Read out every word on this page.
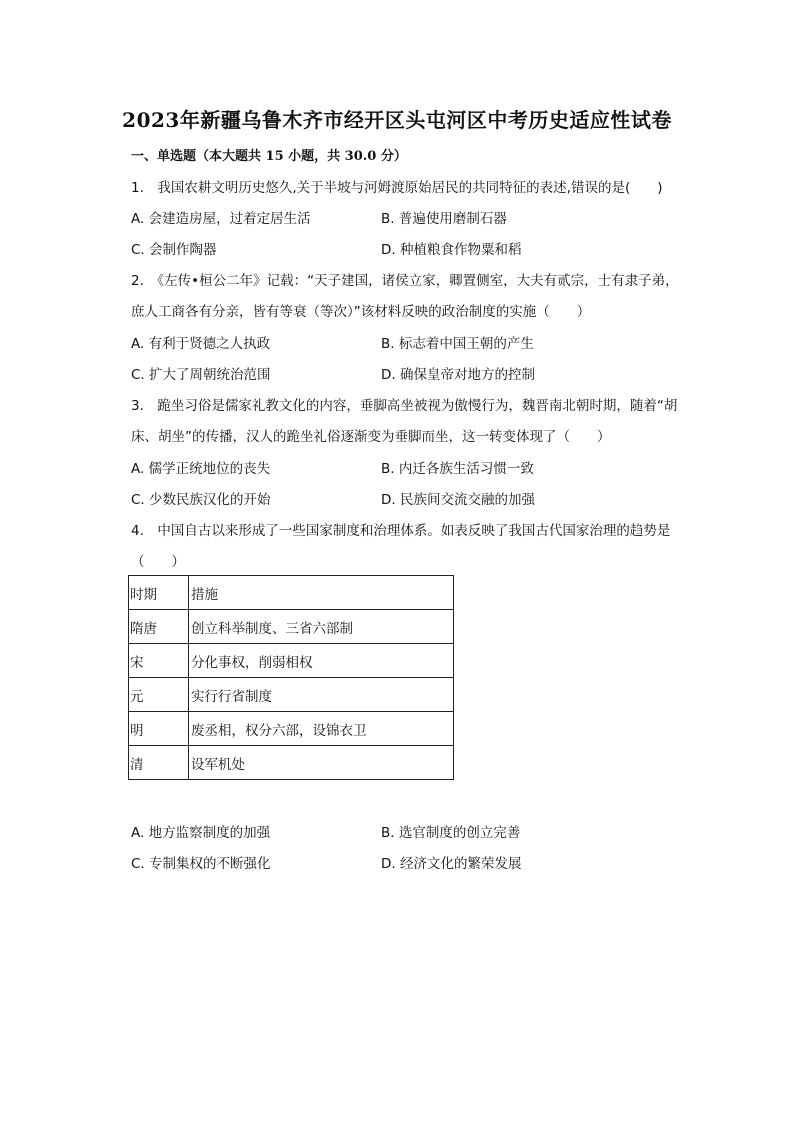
2023年新疆乌鲁木齐市经开区头屯河区中考历史适应性试卷
一、单选题（本大题共 15 小题，共 30.0 分）
1.　我国农耕文明历史悠久,关于半坡与河姆渡原始居民的共同特征的表述,错误的是(　　)
A. 会建造房屋，过着定居生活	B. 普遍使用磨制石器
C. 会制作陶器	D. 种植粮食作物粟和稻
2.　《左传•桓公二年》记载：“天子建国，诸侯立家，卿置侧室，大夫有贰宗，士有隶子弟，
庶人工商各有分亲，皆有等衰（等次）”该材料反映的政治制度的实施（　　）
A. 有利于贤德之人执政	B. 标志着中国王朝的产生
C. 扩大了周朝统治范围	D. 确保皇帝对地方的控制
3.　跪坐习俗是儒家礼教文化的内容，垂脚高坐被视为傲慢行为，魏晋南北朝时期，随着“胡
床、胡坐”的传播，汉人的跪坐礼俗逐渐变为垂脚而坐，这一转变体现了（　　）
A. 儒学正统地位的丧失	B. 内迁各族生活习惯一致
C. 少数民族汉化的开始	D. 民族间交流交融的加强
4.　中国自古以来形成了一些国家制度和治理体系。如表反映了我国古代国家治理的趋势是
（　　）
时期	措施
隋唐	创立科举制度、三省六部制
宋	分化事权，削弱相权
元	实行行省制度
明	废丞相，权分六部，设锦衣卫
清	设军机处
A. 地方监察制度的加强	B. 选官制度的创立完善
C. 专制集权的不断强化	D. 经济文化的繁荣发展
